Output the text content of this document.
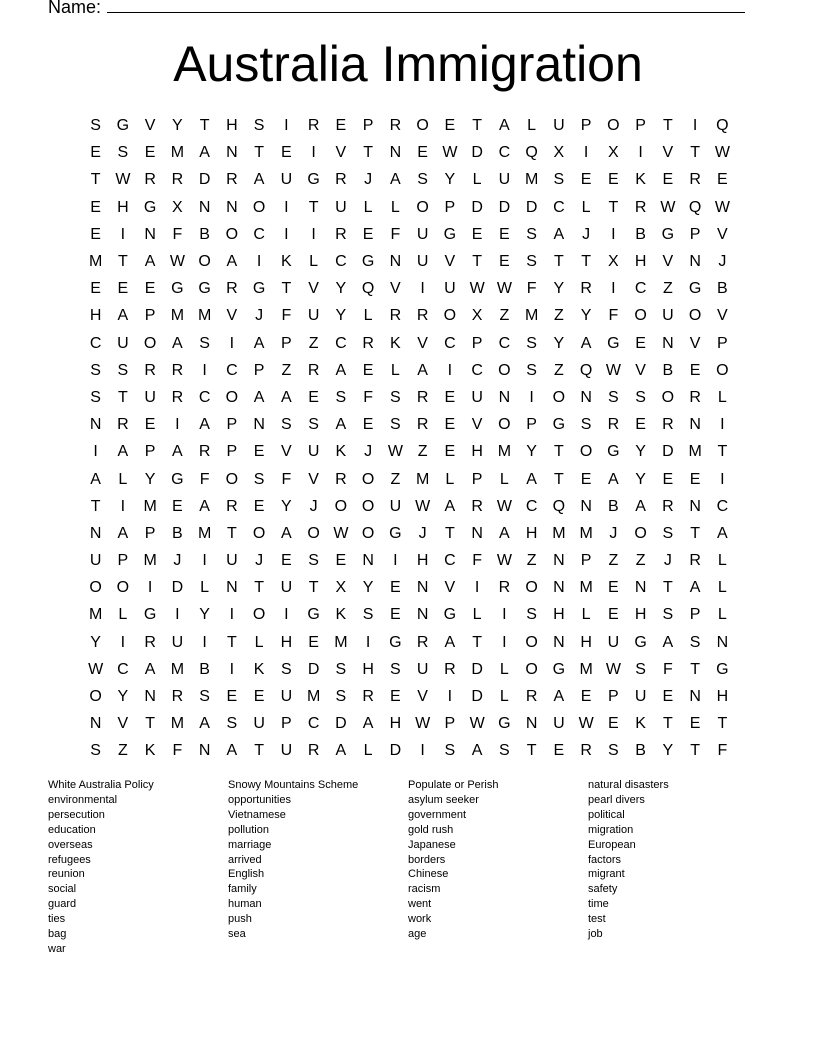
Name:
Australia Immigration
S G V	Y	T	H	S	I	R	E	P	R O E	T	A	L	U	P O P	T	I	Q
E	S	E M A	N	T	E	I	V	T	N	E W D C Q X	I	X	I	V	T W
T W R R D R	A	U G R	J	A	S	Y	L	U M S	E	E	K	E	R	E
E	H G X	N N O	I	T	U	L	L	O P	D D D C	L	T	R W Q W
E	I	N	F	B O C	I	I	R	E	F	U G E	E	S	A	J	I	B G P	V
M T	A W O A	I	K	L	C G N U	V	T	E	S	T	T	X	H	V	N	J
E	E	E G G R G	T	V	Y Q V	I	U W W F	Y	R	I	C	Z	G B
H	A	P M M V	J	F	U	Y	L	R R O X	Z M Z	Y	F	O U O V
C U O A	S	I	A	P	Z	C R	K	V	C	P	C	S	Y	A G E	N	V	P
S	S	R R	I	C	P	Z	R	A	E	L	A	I	C O S	Z	Q W V	B	E O
S	T	U R C O A	A	E	S	F	S	R	E	U N	I	O N	S	S O R	L
N R	E	I	A	P	N	S	S	A	E	S	R	E	V O P G S	R	E	R N	I
I	A	P	A	R	P	E	V	U	K	J W Z	E	H M Y	T	O G Y	D M T
A	L	Y G	F	O S	F	V	R O	Z M	L	P	L	A	T	E	A	Y	E	E	I
T	I	M E	A	R	E	Y	J	O O U W A	R W C Q N	B	A	R N C
N	A	P	B M T	O A O W O G	J	T	N	A	H M M	J	O S	T	A
U	P M	J	I	U	J	E	S	E	N	I	H C	F W Z	N	P	Z	Z	J	R	L
O O	I	D	L	N	T	U	T	X	Y	E	N	V	I	R O N M E	N	T	A	L
M	L	G	I	Y	I	O	I	G K	S	E	N G	L	I	S	H	L	E	H	S	P	L
Y	I	R U	I	T	L	H	E M	I	G R	A	T	I	O N H U G A	S	N
W C	A M B	I	K	S	D	S	H	S	U R D	L	O G M W S	F	T	G
O Y	N R	S	E	E	U M S	R	E	V	I	D	L	R	A	E	P	U	E	N H
N	V	T M A	S	U	P	C D	A	H W P W G N U W E	K	T	E	T
S	Z	K	F	N	A	T	U R	A	L	D	I	S	A	S	T	E	R	S	B	Y	T	F
White Australia Policy
environmental
persecution
education
overseas
refugees
reunion
social
guard
ties
bag
war
Snowy Mountains Scheme
opportunities
Vietnamese
pollution
marriage
arrived
English
family
human
push
sea
Populate or Perish
asylum seeker
government
gold rush
Japanese
borders
Chinese
racism
went
work
age
natural disasters
pearl divers
political
migration
European
factors
migrant
safety
time
test
job
